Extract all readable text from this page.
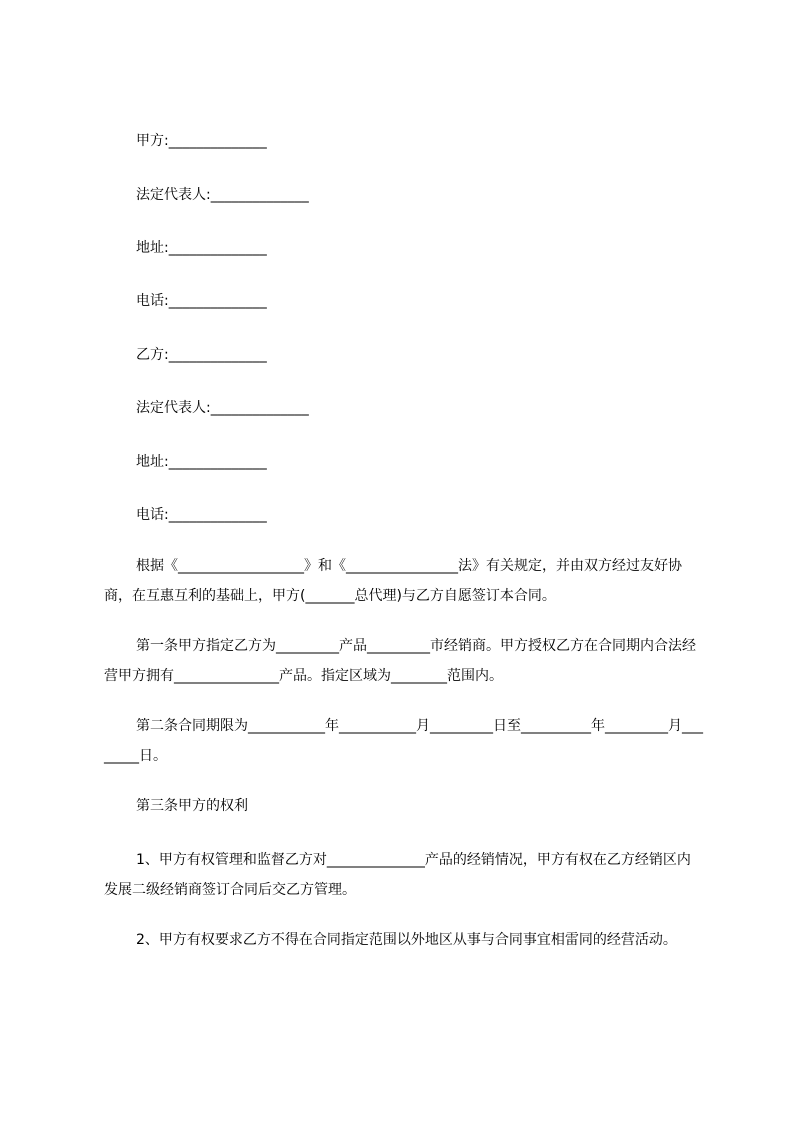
甲方:______________
法定代表人:______________
地址:______________
电话:______________
乙方:______________
法定代表人:______________
地址:______________
电话:______________
根据《__________________》和《________________法》有关规定，并由双方经过友好协商，在互惠互利的基础上，甲方(_______总代理)与乙方自愿签订本合同。
第一条甲方指定乙方为_________产品_________市经销商。甲方授权乙方在合同期内合法经营甲方拥有_______________产品。指定区域为________范围内。
第二条合同期限为___________年___________月_________日至__________年_________月________日。
第三条甲方的权利
1、甲方有权管理和监督乙方对______________产品的经销情况，甲方有权在乙方经销区内发展二级经销商签订合同后交乙方管理。
2、甲方有权要求乙方不得在合同指定范围以外地区从事与合同事宜相雷同的经营活动。
